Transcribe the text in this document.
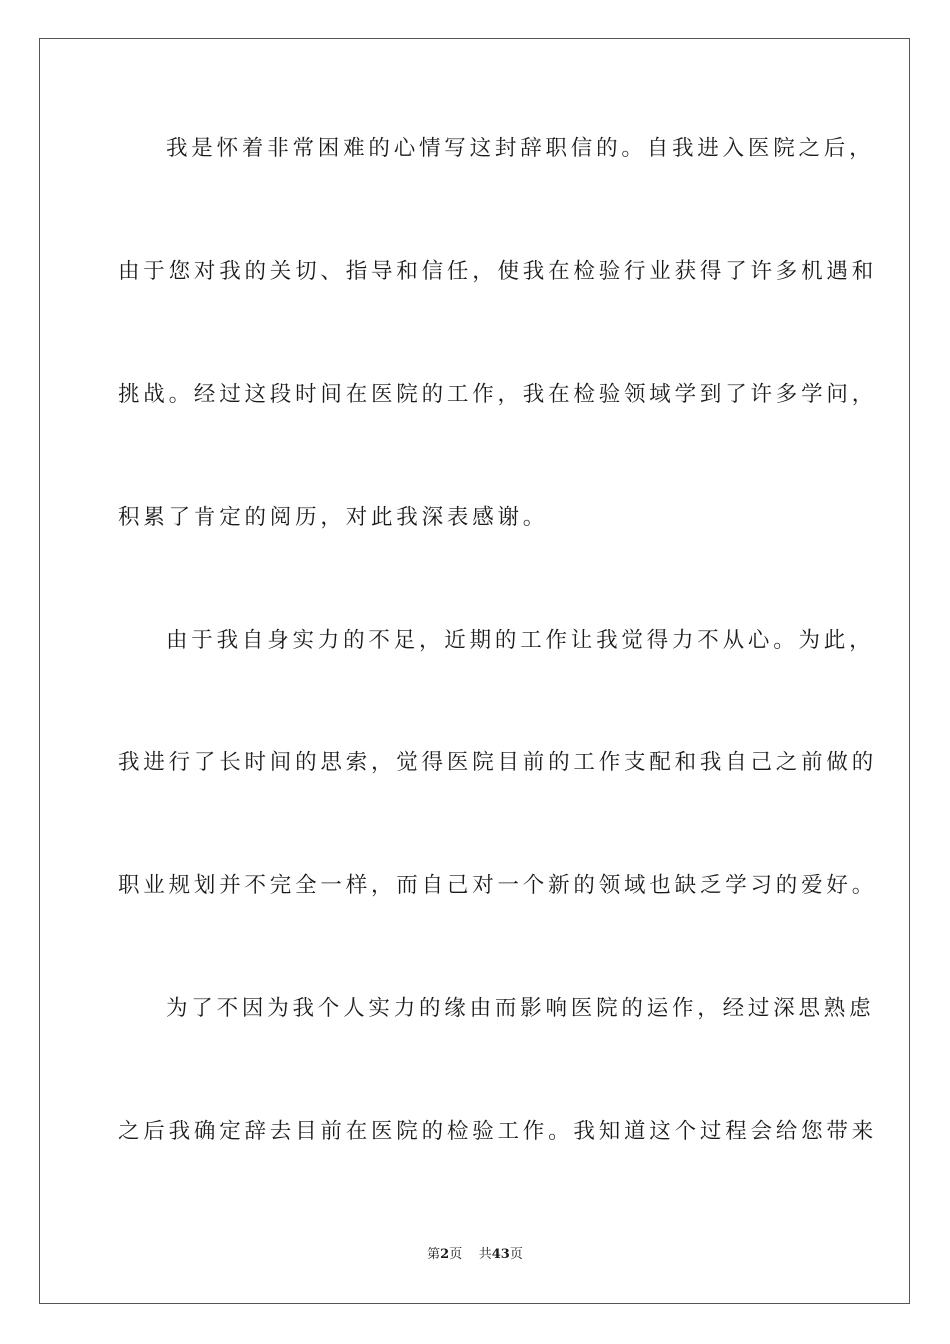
我是怀着非常困难的心情写这封辞职信的。自我进入医院之后，
由于您对我的关切、指导和信任，使我在检验行业获得了许多机遇和
挑战。经过这段时间在医院的工作，我在检验领域学到了许多学问，
积累了肯定的阅历，对此我深表感谢。
由于我自身实力的不足，近期的工作让我觉得力不从心。为此，
我进行了长时间的思索，觉得医院目前的工作支配和我自己之前做的
职业规划并不完全一样，而自己对一个新的领域也缺乏学习的爱好。
为了不因为我个人实力的缘由而影响医院的运作，经过深思熟虑
之后我确定辞去目前在医院的检验工作。我知道这个过程会给您带来
第2页 共43页
